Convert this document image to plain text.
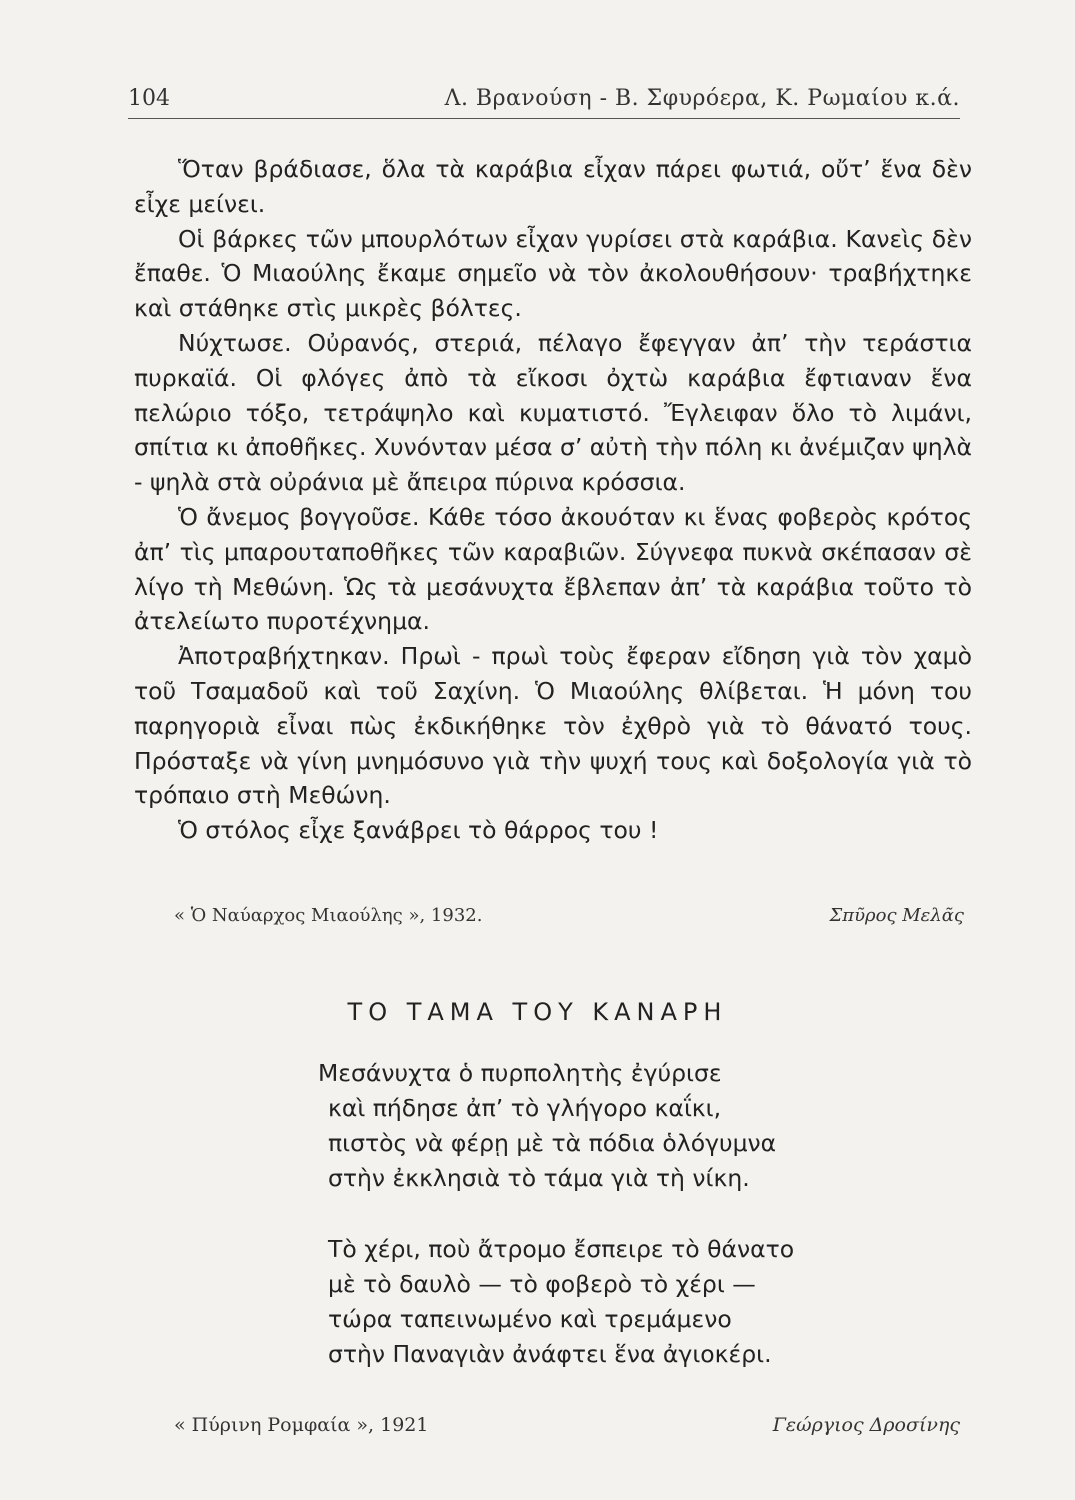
104	Λ. Βρανούση - Β. Σφυρόερα, Κ. Ρωμαίου κ.ά.

Ὅταν βράδιασε, ὅλα τὰ καράβια εἶχαν πάρει φωτιά, οὔτ’ ἕνα δὲν εἶχε μείνει.

Οἱ βάρκες τῶν μπουρλότων εἶχαν γυρίσει στὰ καράβια. Κανεὶς δὲν ἔπαθε. Ὁ Μιαούλης ἔκαμε σημεῖο νὰ τὸν ἀκολουθήσουν· τραβήχτηκε καὶ στάθηκε στὶς μικρὲς βόλτες.

Νύχτωσε. Οὐρανός, στεριά, πέλαγο ἔφεγγαν ἀπ’ τὴν τεράστια πυρκαϊά. Οἱ φλόγες ἀπὸ τὰ εἴκοσι ὀχτὼ καράβια ἔφτιαναν ἕνα πελώριο τόξο, τετράψηλο καὶ κυματιστό. Ἔγλειφαν ὅλο τὸ λιμάνι, σπίτια κι ἀποθῆκες. Χυνόνταν μέσα σ’ αὐτὴ τὴν πόλη κι ἀνέμιζαν ψηλὰ - ψηλὰ στὰ οὐράνια μὲ ἄπειρα πύρινα κρόσσια.

Ὁ ἄνεμος βογγοῦσε. Κάθε τόσο ἀκουόταν κι ἕνας φοβερὸς κρότος ἀπ’ τὶς μπαρουταποθῆκες τῶν καραβιῶν. Σύγνεφα πυκνὰ σκέπασαν σὲ λίγο τὴ Μεθώνη. Ὡς τὰ μεσάνυχτα ἔβλεπαν ἀπ’ τὰ καράβια τοῦτο τὸ ἀτελείωτο πυροτέχνημα.

Ἀποτραβήχτηκαν. Πρωὶ - πρωὶ τοὺς ἔφεραν εἴδηση γιὰ τὸν χαμὸ τοῦ Τσαμαδοῦ καὶ τοῦ Σαχίνη. Ὁ Μιαούλης θλίβεται. Ἡ μόνη του παρηγοριὰ εἶναι πὼς ἐκδικήθηκε τὸν ἐχθρὸ γιὰ τὸ θάνατό τους. Πρόσταξε νὰ γίνη μνημόσυνο γιὰ τὴν ψυχή τους καὶ δοξολογία γιὰ τὸ τρόπαιο στὴ Μεθώνη.

Ὁ στόλος εἶχε ξανάβρει τὸ θάρρος του !

« Ὁ Ναύαρχος Μιαούλης », 1932.	Σπῦρος Μελᾶς
ΤΟ ΤΑΜΑ ΤΟΥ ΚΑΝΑΡΗ
Μεσάνυχτα ὁ πυρπολητὴς ἐγύρισε
καὶ πήδησε ἀπ’ τὸ γλήγορο καΐκι,
πιστὸς νὰ φέρῃ μὲ τὰ πόδια ὁλόγυμνα
στὴν ἐκκλησιὰ τὸ τάμα γιὰ τὴ νίκη.
Τὸ χέρι, ποὺ ἄτρομο ἔσπειρε τὸ θάνατο
μὲ τὸ δαυλὸ — τὸ φοβερὸ τὸ χέρι —
τώρα ταπεινωμένο καὶ τρεμάμενο
στὴν Παναγιὰν ἀνάφτει ἕνα ἀγιοκέρι.
« Πύρινη Ρομφαία », 1921	Γεώργιος Δροσίνης
